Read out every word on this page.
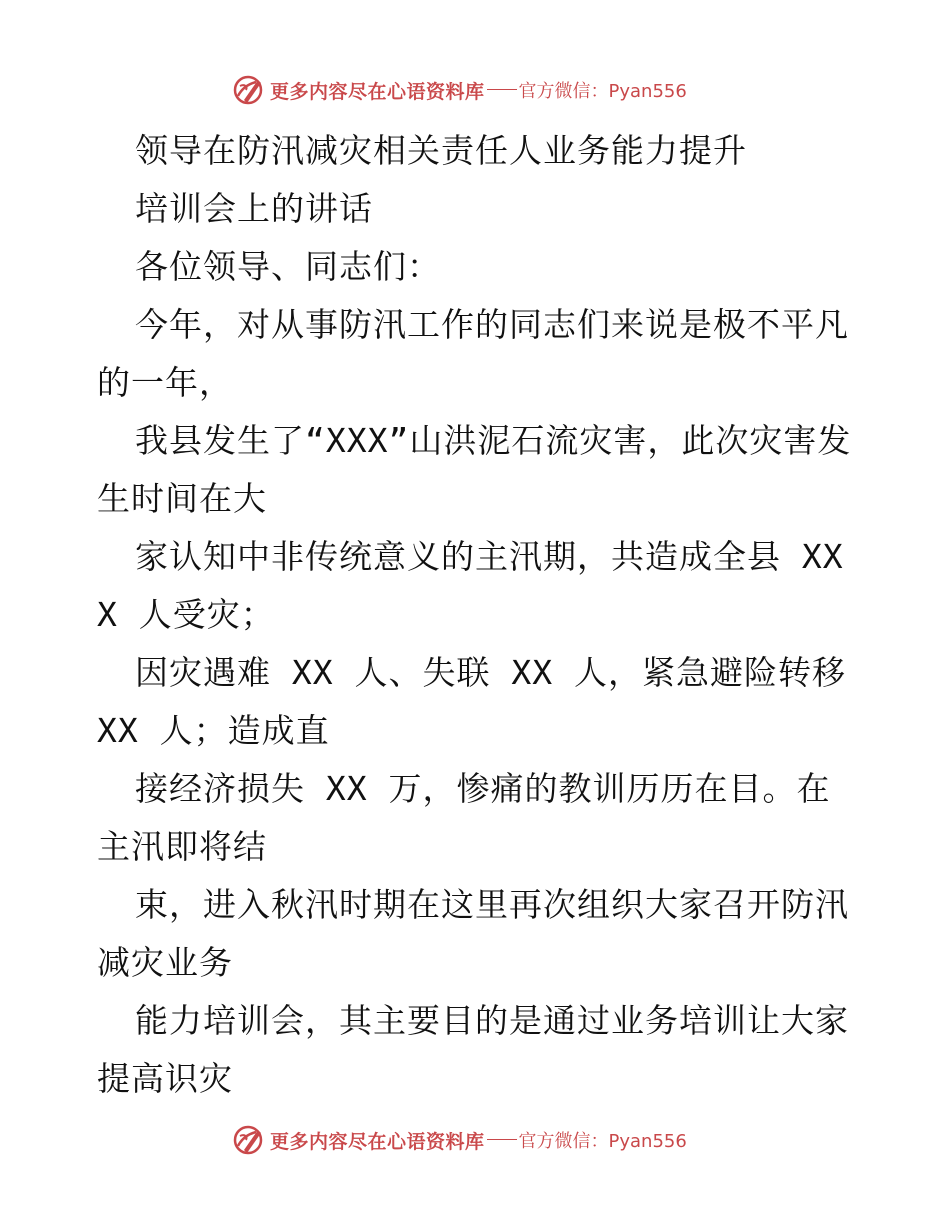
更多内容尽在心语资料库 官方微信：Pyan556

领导在防汛减灾相关责任人业务能力提升

培训会上的讲话

各位领导、同志们：

今年，对从事防汛工作的同志们来说是极不平凡的一年，

我县发生了“XXX”山洪泥石流灾害，此次灾害发生时间在大

家认知中非传统意义的主汛期，共造成全县 XXX 人受灾；

因灾遇难 XX 人、失联 XX 人，紧急避险转移 XX 人；造成直

接经济损失 XX 万，惨痛的教训历历在目。在主汛即将结

束，进入秋汛时期在这里再次组织大家召开防汛减灾业务

能力培训会，其主要目的是通过业务培训让大家提高识灾

更多内容尽在心语资料库 官方微信：Pyan556
